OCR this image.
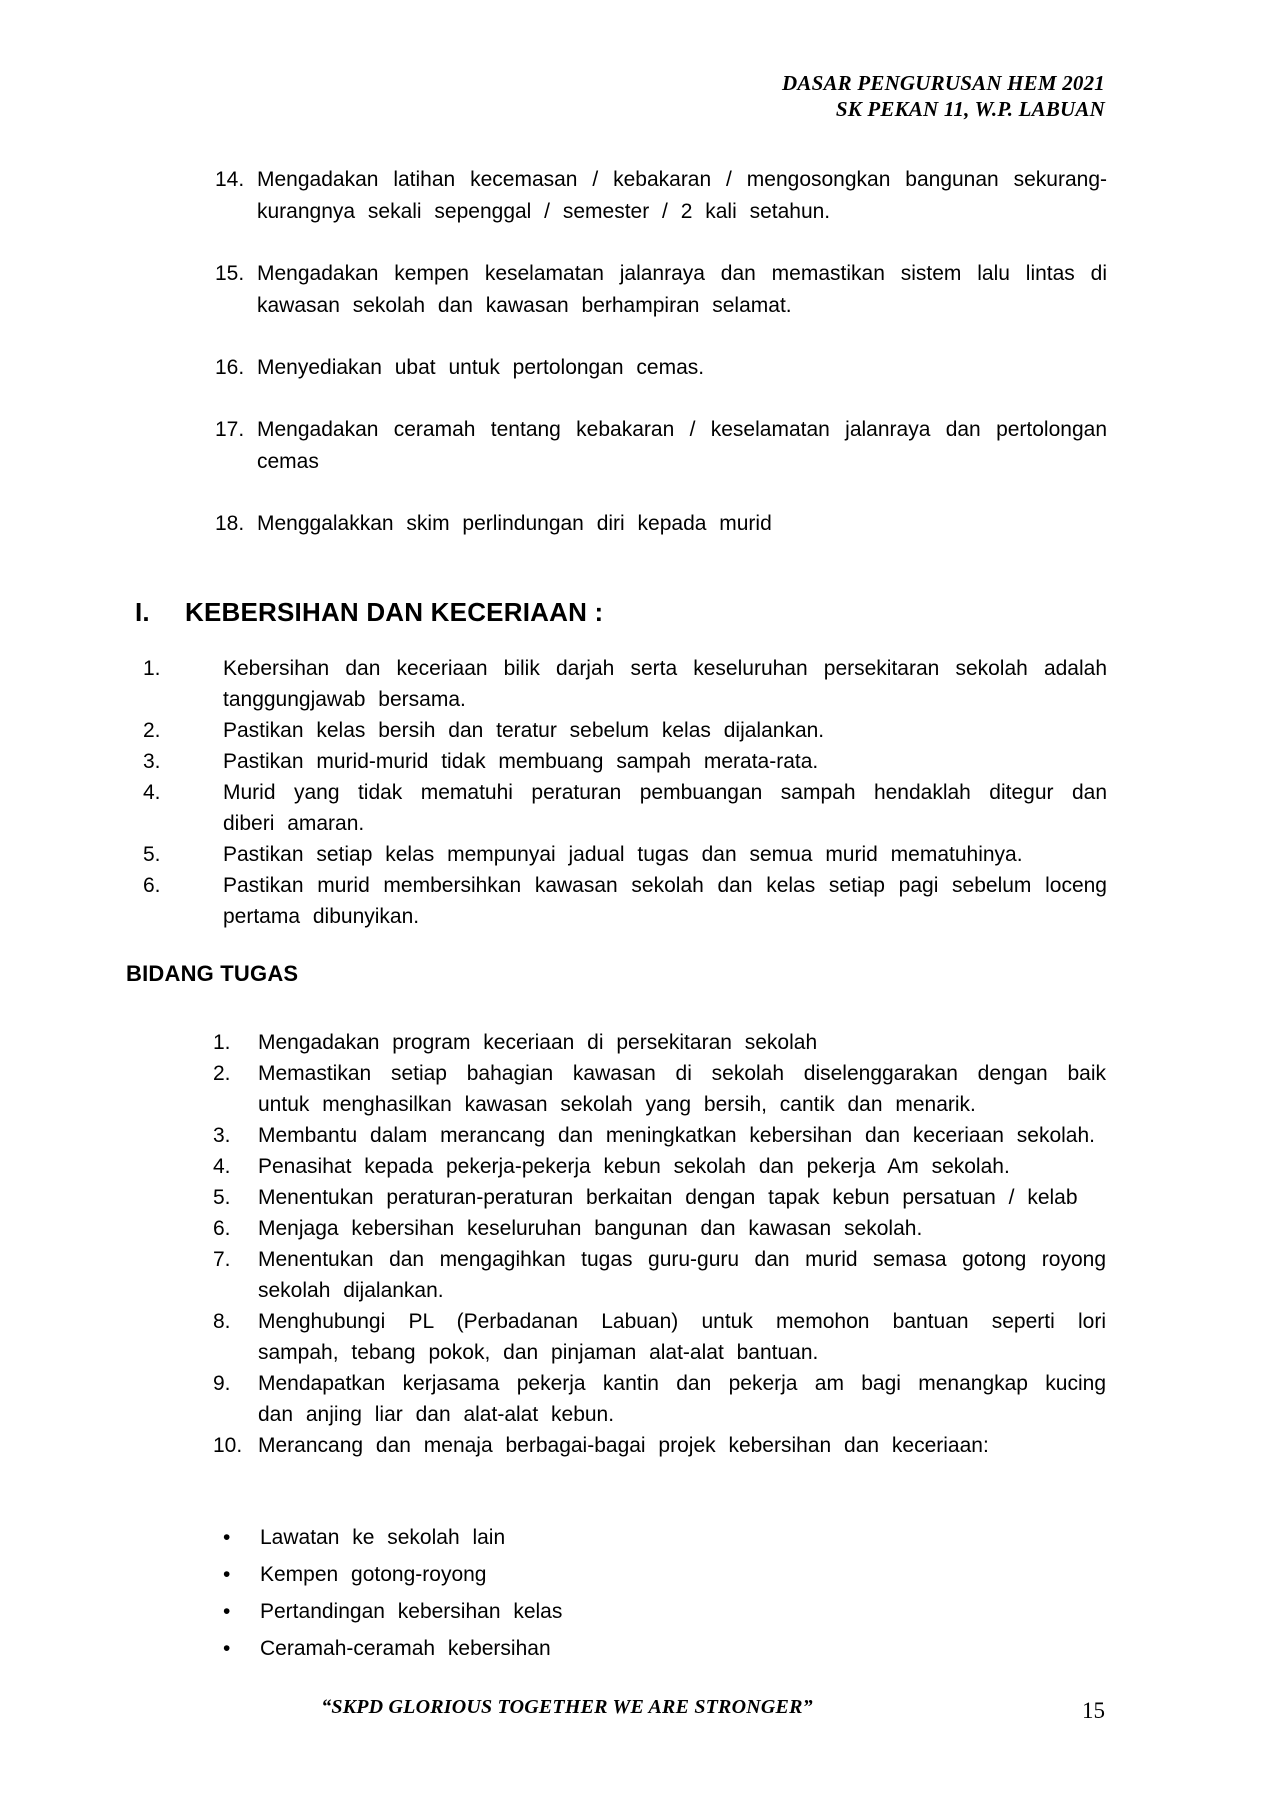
DASAR PENGURUSAN HEM 2021
SK PEKAN 11, W.P. LABUAN
14. Mengadakan latihan kecemasan / kebakaran / mengosongkan bangunan sekurang-kurangnya sekali sepenggal / semester / 2 kali setahun.
15. Mengadakan kempen keselamatan jalanraya dan memastikan sistem lalu lintas di kawasan sekolah dan kawasan berhampiran selamat.
16. Menyediakan ubat untuk pertolongan cemas.
17. Mengadakan ceramah tentang kebakaran / keselamatan jalanraya dan pertolongan cemas
18. Menggalakkan skim perlindungan diri kepada murid
I.	KEBERSIHAN DAN KECERIAAN :
1.	Kebersihan dan keceriaan bilik darjah serta keseluruhan persekitaran sekolah adalah tanggungjawab bersama.
2.	Pastikan kelas bersih dan teratur sebelum kelas dijalankan.
3.	Pastikan murid-murid tidak membuang sampah merata-rata.
4.	Murid yang tidak mematuhi peraturan pembuangan sampah hendaklah ditegur dan diberi amaran.
5.	Pastikan setiap kelas mempunyai jadual tugas dan semua murid mematuhinya.
6.	Pastikan murid membersihkan kawasan sekolah dan kelas setiap pagi sebelum loceng pertama dibunyikan.
BIDANG TUGAS
1.	Mengadakan program keceriaan di persekitaran sekolah
2.	Memastikan setiap bahagian kawasan di sekolah diselenggarakan dengan baik untuk menghasilkan kawasan sekolah yang bersih, cantik dan menarik.
3.	Membantu dalam merancang dan meningkatkan kebersihan dan keceriaan sekolah.
4.	Penasihat kepada pekerja-pekerja kebun sekolah dan pekerja Am sekolah.
5.	Menentukan peraturan-peraturan berkaitan dengan tapak kebun persatuan / kelab
6.	Menjaga kebersihan keseluruhan bangunan dan kawasan sekolah.
7.	Menentukan dan mengagihkan tugas guru-guru dan murid semasa gotong royong sekolah dijalankan.
8.	Menghubungi PL (Perbadanan Labuan) untuk memohon bantuan seperti lori sampah, tebang pokok, dan pinjaman alat-alat bantuan.
9.	Mendapatkan kerjasama pekerja kantin dan pekerja am bagi menangkap kucing dan anjing liar dan alat-alat kebun.
10. Merancang dan menaja berbagai-bagai projek kebersihan dan keceriaan:
•	Lawatan ke sekolah lain
•	Kempen gotong-royong
•	Pertandingan kebersihan kelas
•	Ceramah-ceramah kebersihan
“SKPD GLORIOUS TOGETHER WE ARE STRONGER”	15
